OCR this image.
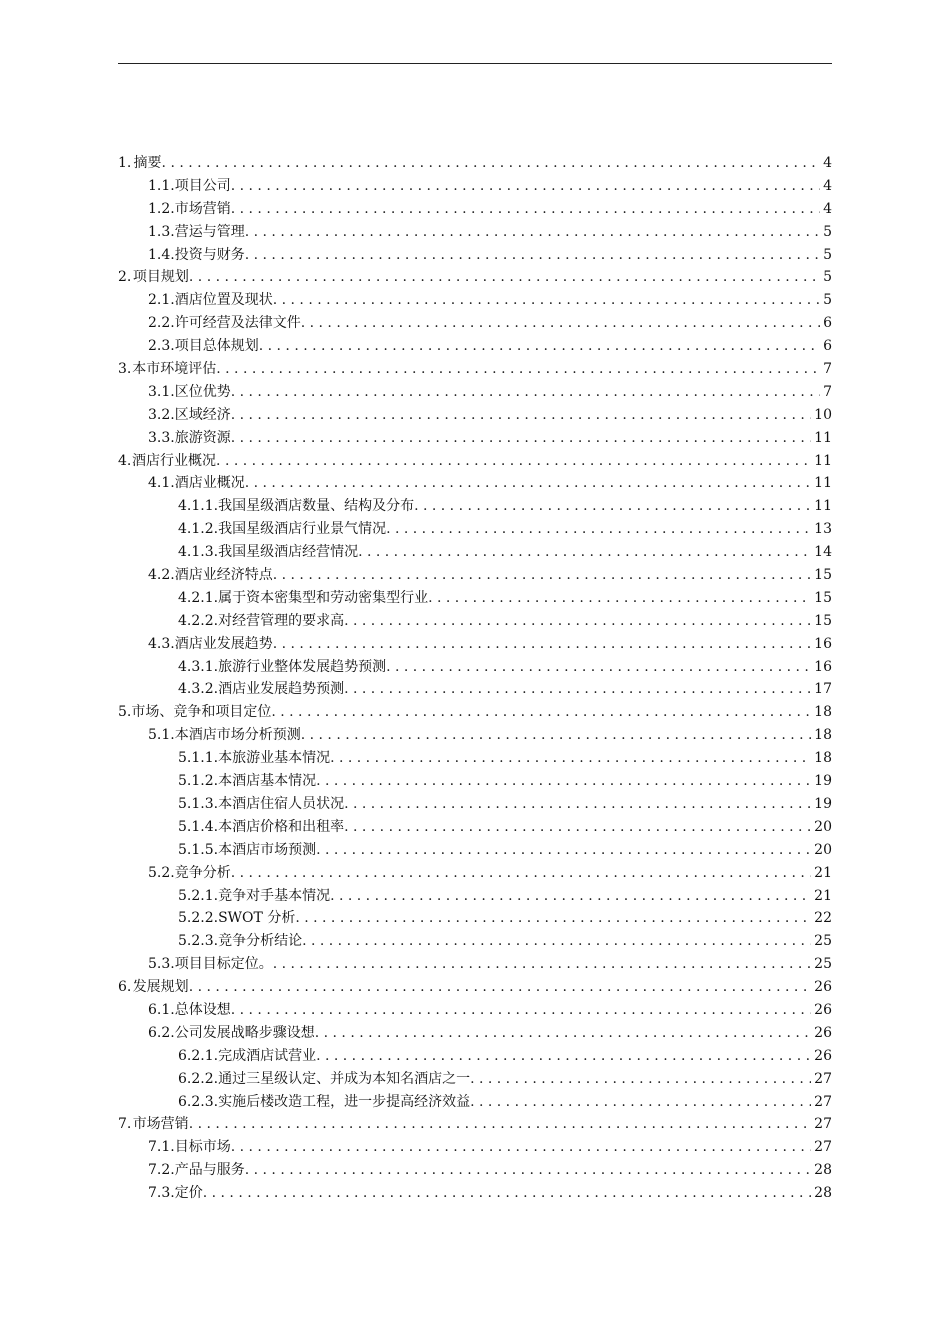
1. 摘要 . . .	4
1.1. 项目公司 . . .	4
1.2. 市场营销 . . .	4
1.3. 营运与管理 . . .	5
1.4. 投资与财务 . . .	5
2. 项目规划 . . .	5
2.1. 酒店位置及现状 . . .	5
2.2. 许可经营及法律文件 . . .	6
2.3. 项目总体规划 . . .	6
3. 本市环境评估 . . .	7
3.1. 区位优势 . . .	7
3.2. 区域经济 . . .	10
3.3. 旅游资源 . . .	11
4. 酒店行业概况 . . .	11
4.1. 酒店业概况 . . .	11
4.1.1. 我国星级酒店数量、结构及分布 . . .	11
4.1.2. 我国星级酒店行业景气情况 . . .	13
4.1.3. 我国星级酒店经营情况 . . .	14
4.2. 酒店业经济特点 . . .	15
4.2.1. 属于资本密集型和劳动密集型行业 . . .	15
4.2.2. 对经营管理的要求高 . . .	15
4.3. 酒店业发展趋势 . . .	16
4.3.1. 旅游行业整体发展趋势预测 . . .	16
4.3.2. 酒店业发展趋势预测 . . .	17
5. 市场、竞争和项目定位 . . .	18
5.1. 本酒店市场分析预测 . . .	18
5.1.1. 本旅游业基本情况 . . .	18
5.1.2. 本酒店基本情况 . . .	19
5.1.3. 本酒店住宿人员状况 . . .	19
5.1.4. 本酒店价格和出租率 . . .	20
5.1.5. 本酒店市场预测 . . .	20
5.2. 竞争分析 . . .	21
5.2.1. 竞争对手基本情况 . . .	21
5.2.2. SWOT 分析 . . .	22
5.2.3. 竞争分析结论 . . .	25
5.3. 项目目标定位。 . . .	25
6. 发展规划 . . .	26
6.1. 总体设想 . . .	26
6.2. 公司发展战略步骤设想 . . .	26
6.2.1. 完成酒店试营业 . . .	26
6.2.2. 通过三星级认定、并成为本知名酒店之一 . . .	27
6.2.3. 实施后楼改造工程，进一步提高经济效益 . . .	27
7. 市场营销 . . .	27
7.1. 目标市场 . . .	27
7.2. 产品与服务 . . .	28
7.3. 定价 . . .	28
